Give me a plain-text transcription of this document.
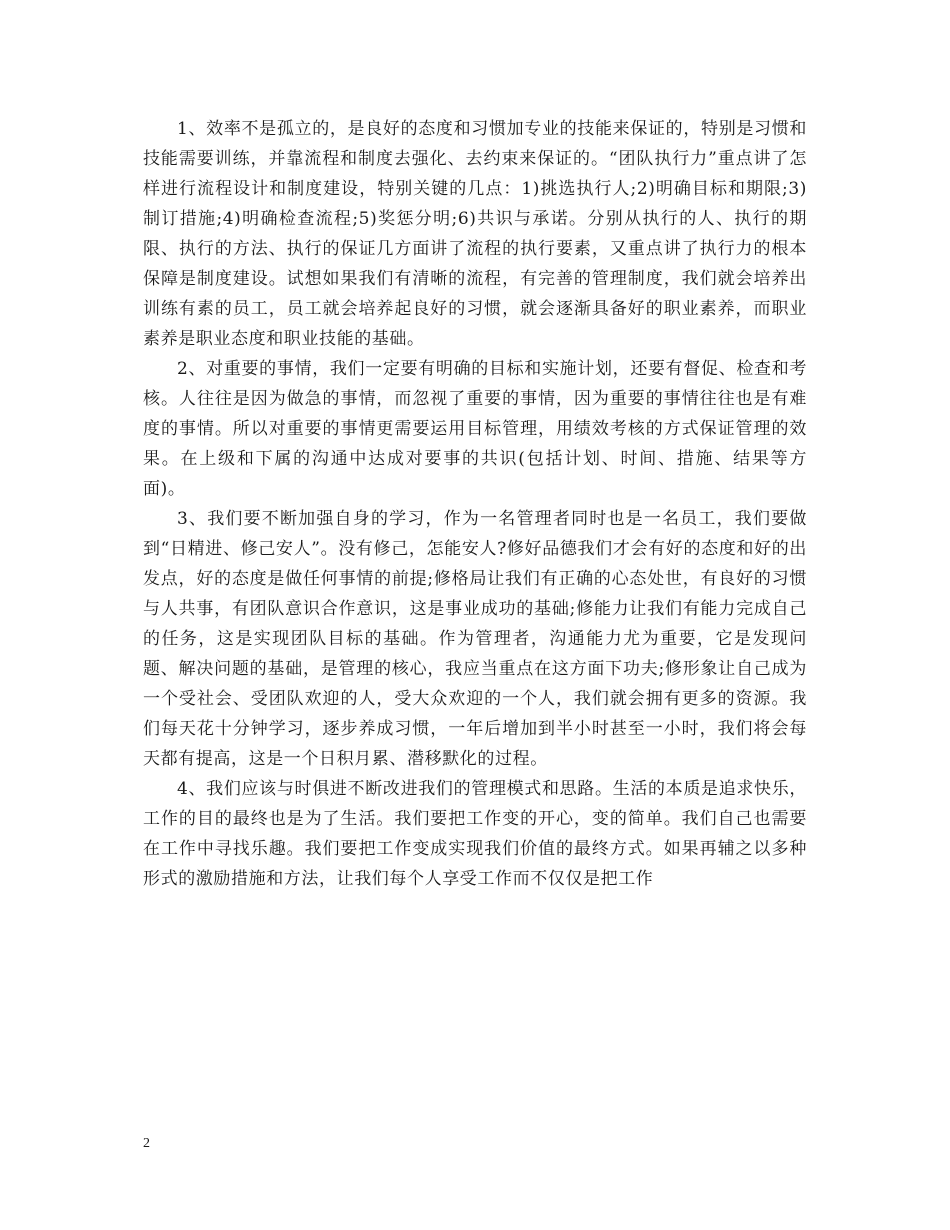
1、效率不是孤立的，是良好的态度和习惯加专业的技能来保证的，特别是习惯和技能需要训练，并靠流程和制度去强化、去约束来保证的。“团队执行力”重点讲了怎样进行流程设计和制度建设，特别关键的几点：1)挑选执行人;2)明确目标和期限;3)制订措施;4)明确检查流程;5)奖惩分明;6)共识与承诺。分别从执行的人、执行的期限、执行的方法、执行的保证几方面讲了流程的执行要素，又重点讲了执行力的根本保障是制度建设。试想如果我们有清晰的流程，有完善的管理制度，我们就会培养出训练有素的员工，员工就会培养起良好的习惯，就会逐渐具备好的职业素养，而职业素养是职业态度和职业技能的基础。

2、对重要的事情，我们一定要有明确的目标和实施计划，还要有督促、检查和考核。人往往是因为做急的事情，而忽视了重要的事情，因为重要的事情往往也是有难度的事情。所以对重要的事情更需要运用目标管理，用绩效考核的方式保证管理的效果。在上级和下属的沟通中达成对要事的共识(包括计划、时间、措施、结果等方面)。

3、我们要不断加强自身的学习，作为一名管理者同时也是一名员工，我们要做到“日精进、修己安人”。没有修己，怎能安人?修好品德我们才会有好的态度和好的出发点，好的态度是做任何事情的前提;修格局让我们有正确的心态处世，有良好的习惯与人共事，有团队意识合作意识，这是事业成功的基础;修能力让我们有能力完成自己的任务，这是实现团队目标的基础。作为管理者，沟通能力尤为重要，它是发现问题、解决问题的基础，是管理的核心，我应当重点在这方面下功夫;修形象让自己成为一个受社会、受团队欢迎的人，受大众欢迎的一个人，我们就会拥有更多的资源。我们每天花十分钟学习，逐步养成习惯，一年后增加到半小时甚至一小时，我们将会每天都有提高，这是一个日积月累、潜移默化的过程。

4、我们应该与时俱进不断改进我们的管理模式和思路。生活的本质是追求快乐，工作的目的最终也是为了生活。我们要把工作变的开心，变的简单。我们自己也需要在工作中寻找乐趣。我们要把工作变成实现我们价值的最终方式。如果再辅之以多种形式的激励措施和方法，让我们每个人享受工作而不仅仅是把工作

2
